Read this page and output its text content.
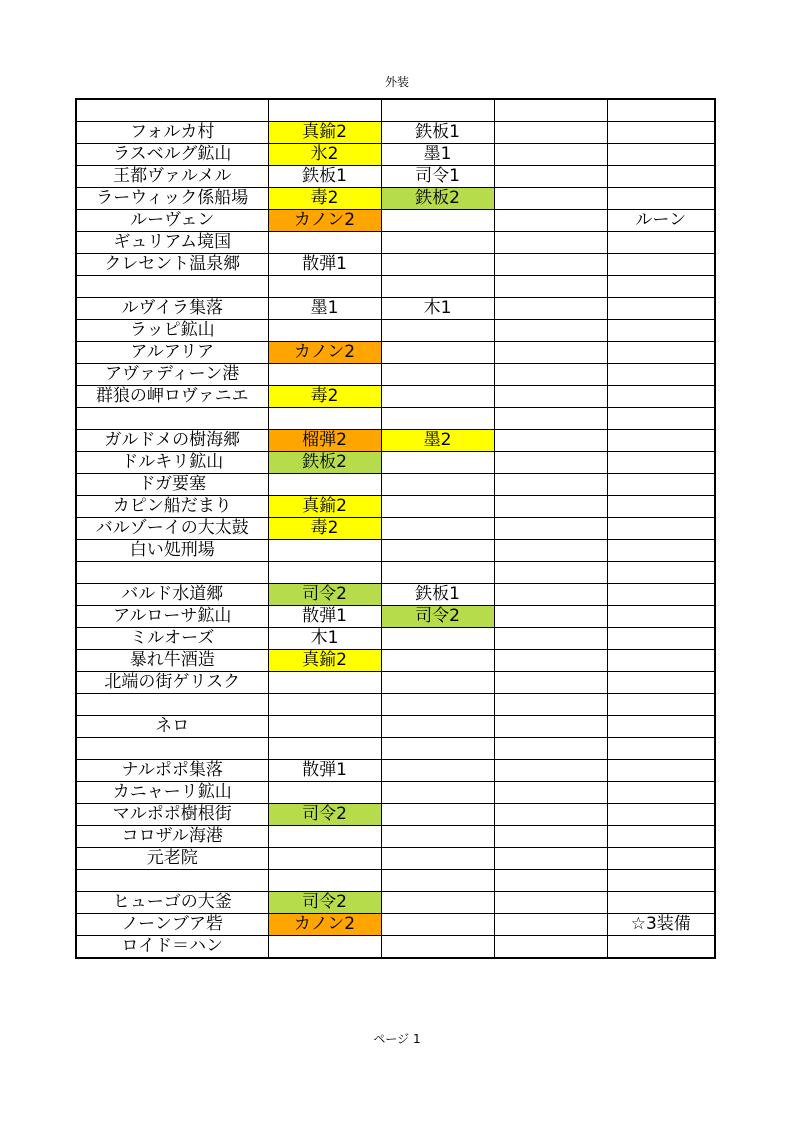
外装

フォルカ村	真鍮2	鉄板1		
ラスベルグ鉱山	氷2	墨1		
王都ヴァルメル	鉄板1	司令1		
ラーウィック係船場	毒2	鉄板2		
ルーヴェン	カノン2			ルーン
ギュリアム境国				
クレセント温泉郷	散弾1			

ルヴイラ集落	墨1	木1		
ラッピ鉱山				
アルアリア	カノン2			
アヴァディーン港				
群狼の岬ロヴァニエ	毒2			

ガルドメの樹海郷	榴弾2	墨2		
ドルキリ鉱山	鉄板2			
ドガ要塞				
カピン船だまり	真鍮2			
バルゾーイの大太鼓	毒2			
白い処刑場				

バルド水道郷	司令2	鉄板1		
アルローサ鉱山	散弾1	司令2		
ミルオーズ	木1			
暴れ牛酒造	真鍮2			
北端の街ゲリスク				

ネロ				

ナルポポ集落	散弾1			
カニャーリ鉱山				
マルポポ樹根街	司令2			
コロザル海港				
元老院				

ヒューゴの大釜	司令2			
ノーンブア砦	カノン2			☆3装備
ロイド＝ハン				
ページ 1
